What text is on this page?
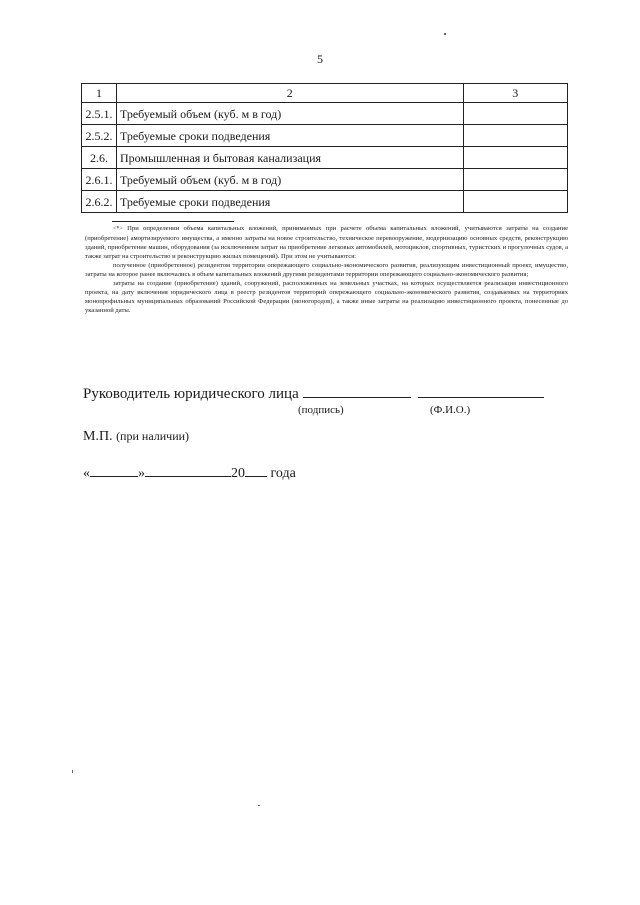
5
1	2	3
2.5.1.	Требуемый объем (куб. м в год)	
2.5.2.	Требуемые сроки подведения	
2.6.	Промышленная и бытовая канализация	
2.6.1.	Требуемый объем (куб. м в год)	
2.6.2.	Требуемые сроки подведения	

<*> При определении объема капитальных вложений, принимаемых при расчете объема капитальных вложений, учитываются затраты на создание (приобретение) амортизируемого имущества, а именно затраты на новое строительство, техническое перевооружение, модернизацию основных средств, реконструкцию зданий, приобретение машин, оборудования (за исключением затрат на приобретение легковых автомобилей, мотоциклов, спортивных, туристских и прогулочных судов, а также затрат на строительство и реконструкцию жилых помещений). При этом не учитываются:

полученное (приобретенное) резидентом территории опережающего социально-экономического развития, реализующим инвестиционный проект, имущество, затраты на которое ранее включались в объем капитальных вложений другими резидентами территории опережающего социально-экономического развития;

затраты на создание (приобретение) зданий, сооружений, расположенных на земельных участках, на которых осуществляется реализация инвестиционного проекта, на дату включения юридического лица в реестр резидентов территорий опережающего социально-экономического развития, создаваемых на территориях монопрофильных муниципальных образований Российской Федерации (моногородов), а также иные затраты на реализацию инвестиционного проекта, понесенные до указанной даты.

Руководитель юридического лица
(подпись)	(Ф.И.О.)
М.П. (при наличии)
«	»	20 года
